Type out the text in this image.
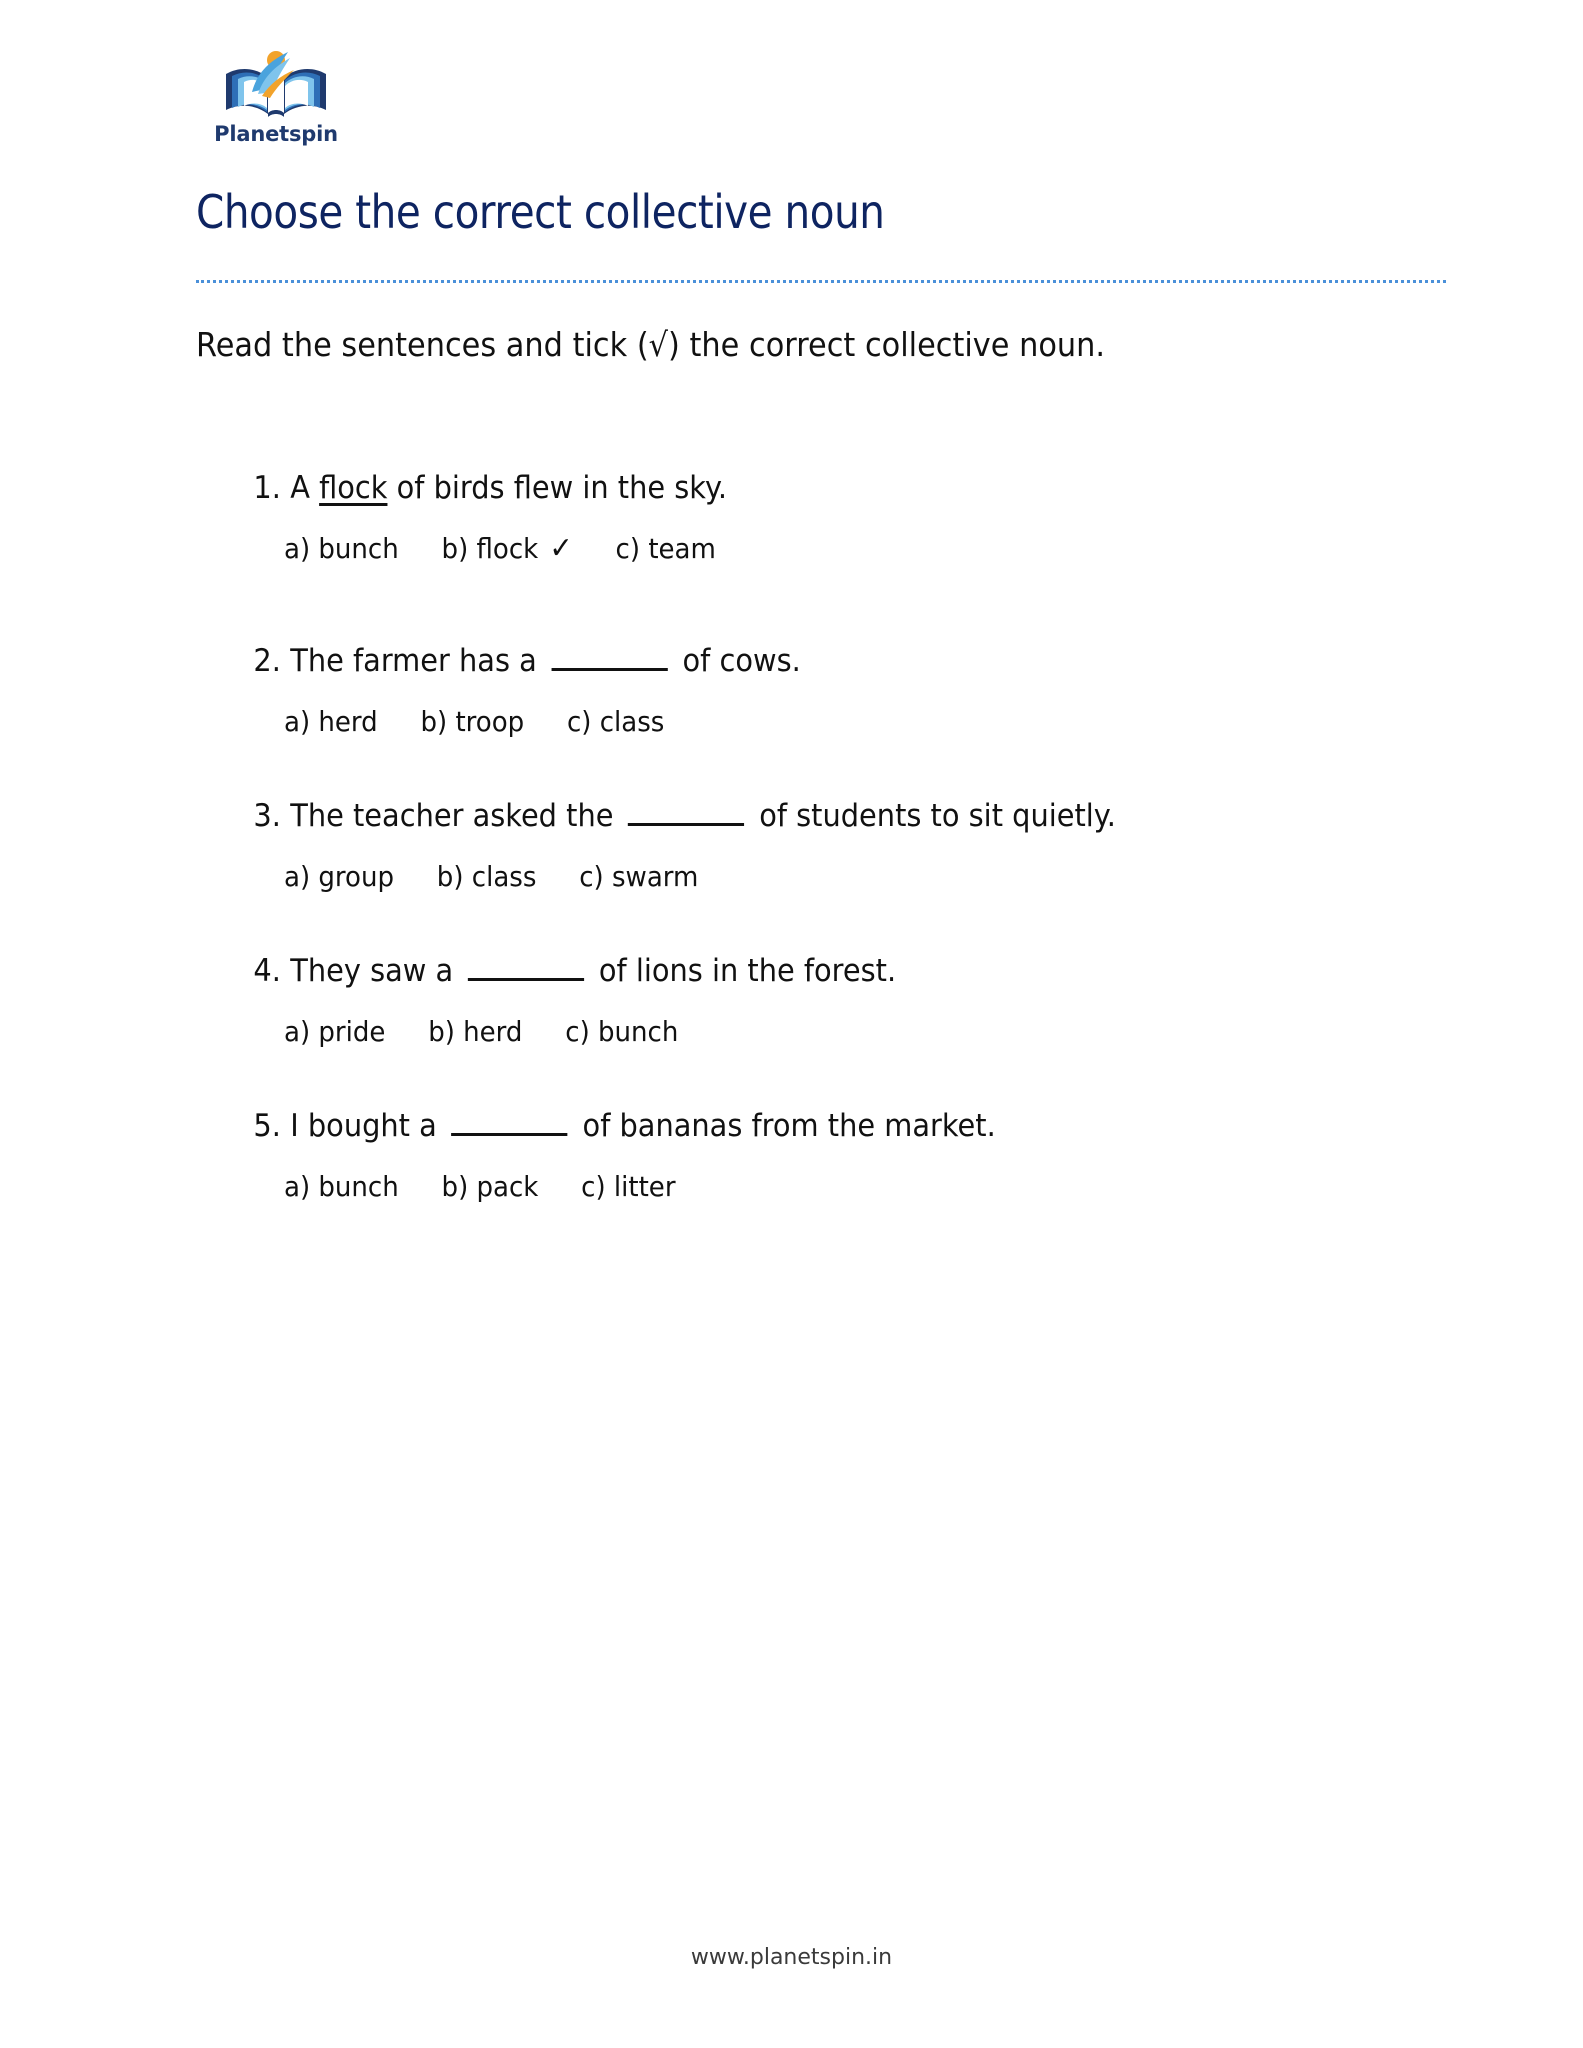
Planetspin
Choose the correct collective noun
Read the sentences and tick (√) the correct collective noun.
1. A flock of birds flew in the sky.
a) bunch b) flock ✓ c) team
2. The farmer has a	of cows.
a) herd b) troop c) class
3. The teacher asked the	of students to sit quietly.
a) group b) class c) swarm
4. They saw a	of lions in the forest.
a) pride b) herd c) bunch
5. I bought a	of bananas from the market.
a) bunch b) pack c) litter
www.planetspin.in
